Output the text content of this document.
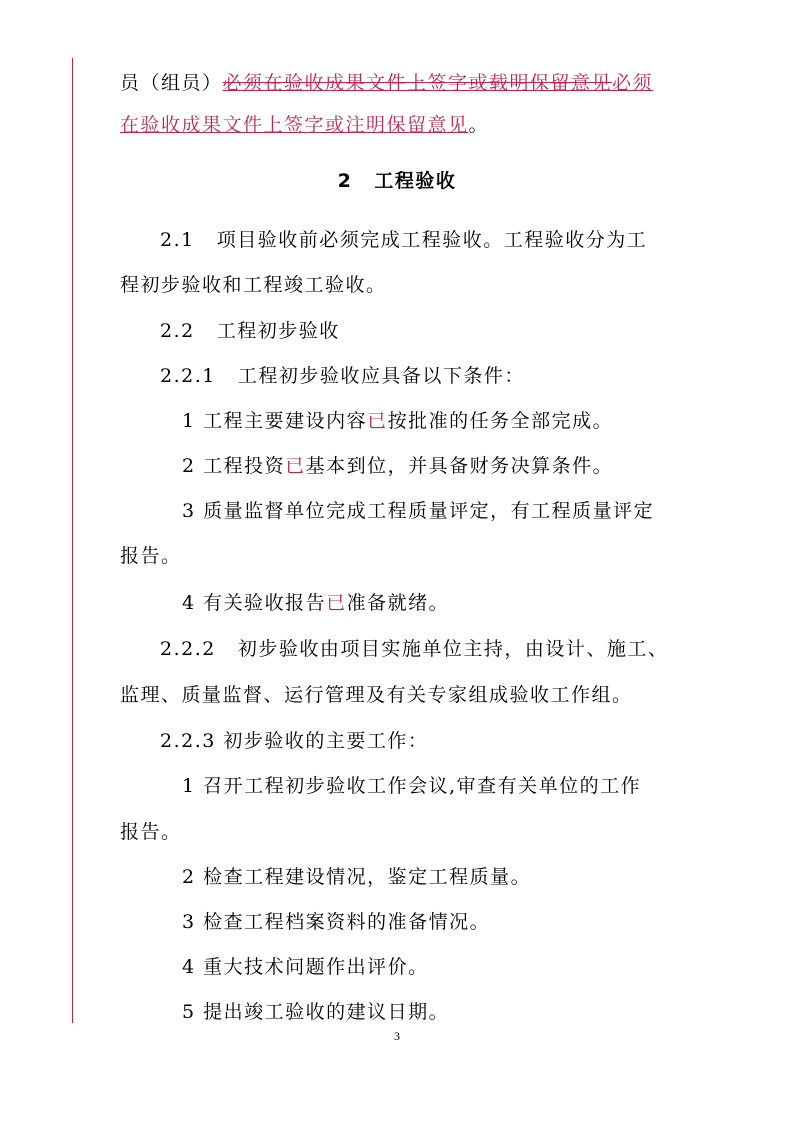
员（组员）必须在验收成果文件上签字或载明保留意见必须
在验收成果文件上签字或注明保留意见。
2 工程验收
2.1 项目验收前必须完成工程验收。工程验收分为工
程初步验收和工程竣工验收。
2.2 工程初步验收
2.2.1 工程初步验收应具备以下条件：
1 工程主要建设内容已按批准的任务全部完成。
2 工程投资已基本到位，并具备财务决算条件。
3 质量监督单位完成工程质量评定，有工程质量评定
报告。
4 有关验收报告已准备就绪。
2.2.2 初步验收由项目实施单位主持，由设计、施工、
监理、质量监督、运行管理及有关专家组成验收工作组。
2.2.3 初步验收的主要工作：
1 召开工程初步验收工作会议,审查有关单位的工作
报告。
2 检查工程建设情况，鉴定工程质量。
3 检查工程档案资料的准备情况。
4 重大技术问题作出评价。
5 提出竣工验收的建议日期。
3
